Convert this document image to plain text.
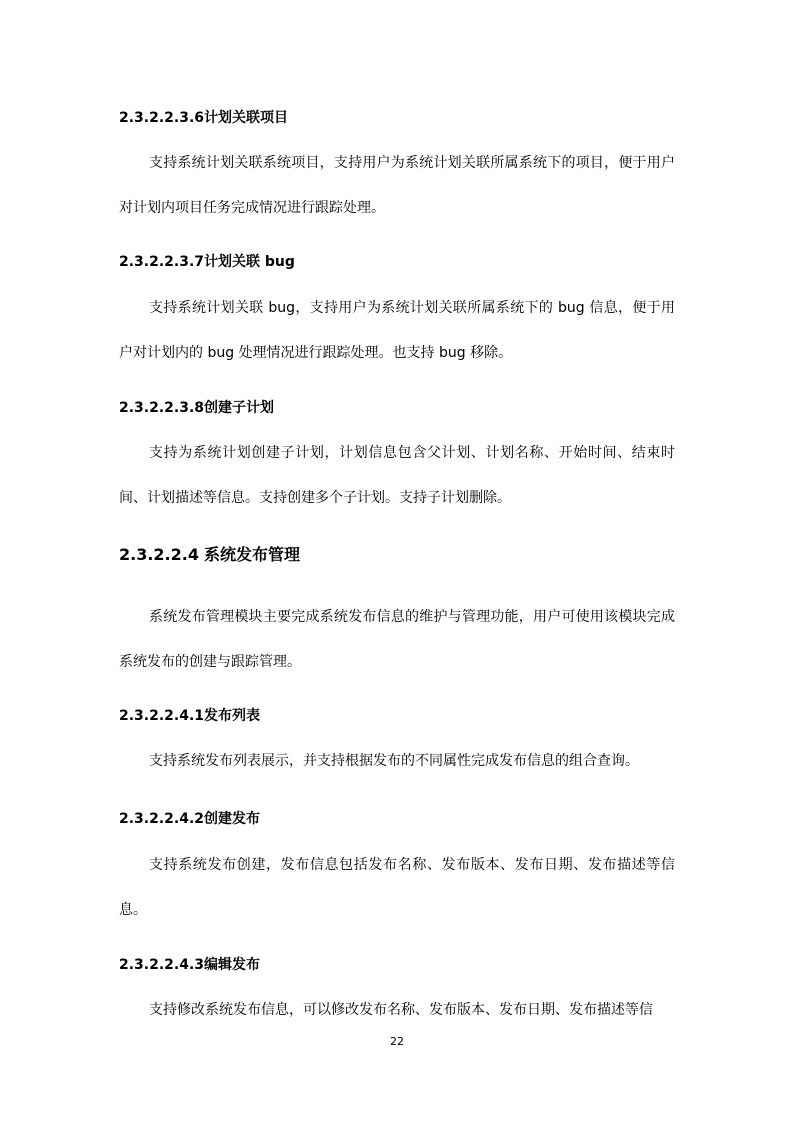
2.3.2.2.3.6计划关联项目

支持系统计划关联系统项目，支持用户为系统计划关联所属系统下的项目，便于用户对计划内项目任务完成情况进行跟踪处理。

2.3.2.2.3.7计划关联 bug

支持系统计划关联 bug，支持用户为系统计划关联所属系统下的 bug 信息，便于用户对计划内的 bug 处理情况进行跟踪处理。也支持 bug 移除。

2.3.2.2.3.8创建子计划

支持为系统计划创建子计划，计划信息包含父计划、计划名称、开始时间、结束时间、计划描述等信息。支持创建多个子计划。支持子计划删除。

2.3.2.2.4 系统发布管理

系统发布管理模块主要完成系统发布信息的维护与管理功能，用户可使用该模块完成系统发布的创建与跟踪管理。

2.3.2.2.4.1发布列表

支持系统发布列表展示，并支持根据发布的不同属性完成发布信息的组合查询。

2.3.2.2.4.2创建发布

支持系统发布创建，发布信息包括发布名称、发布版本、发布日期、发布描述等信息。

2.3.2.2.4.3编辑发布

支持修改系统发布信息，可以修改发布名称、发布版本、发布日期、发布描述等信

22
